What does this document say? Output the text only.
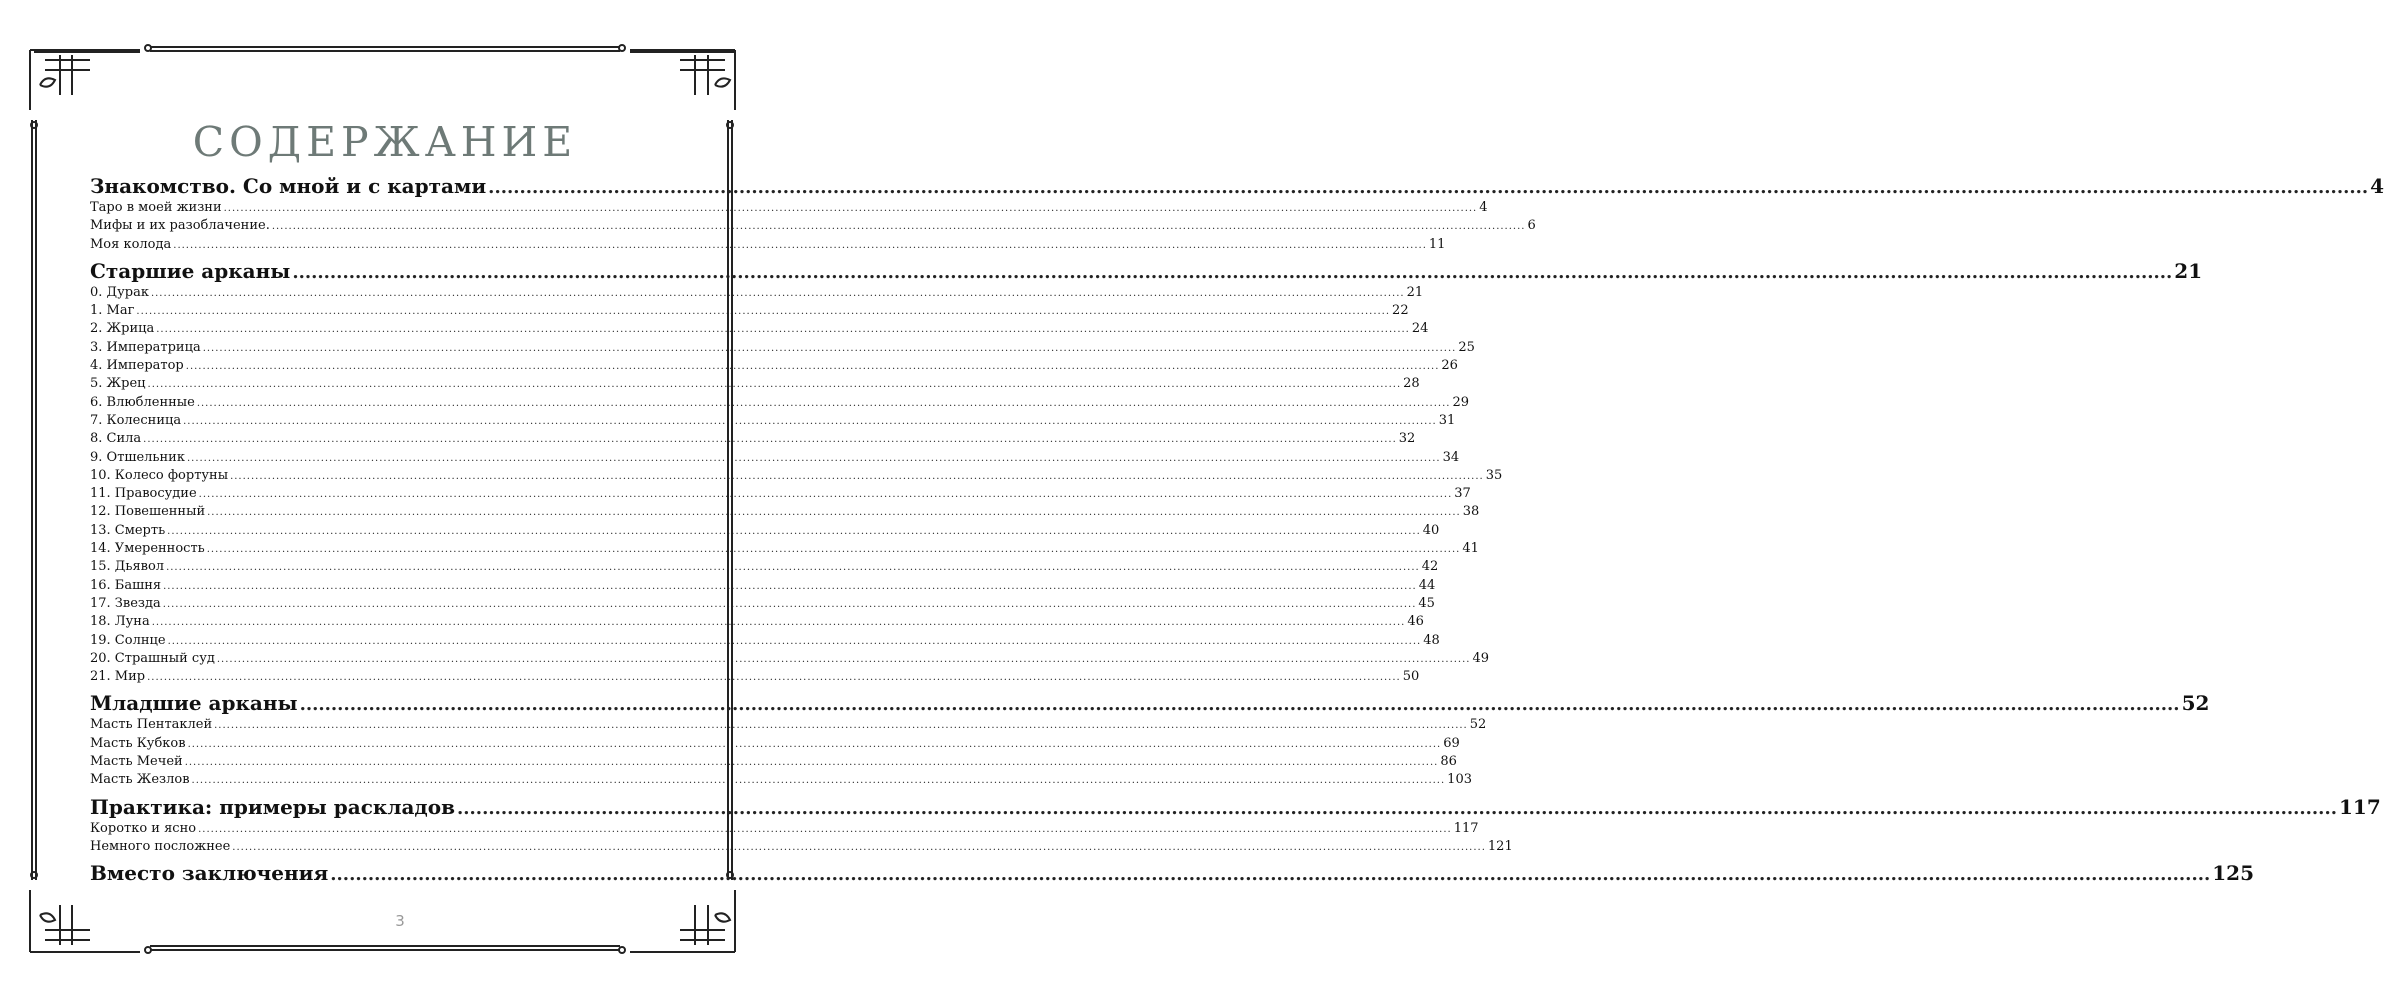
СОДЕРЖАНИЕ
Знакомство. Со мной и с картами ............................................................................................................................................................................................................................................................................................................ 4
Таро в моей жизни ............................................................................................................................................................................................................................................................................................................ 4
Мифы и их разоблачение. ............................................................................................................................................................................................................................................................................................................ 6
Моя колода ............................................................................................................................................................................................................................................................................................................ 11
Старшие арканы ............................................................................................................................................................................................................................................................................................................ 21
0. Дурак ............................................................................................................................................................................................................................................................................................................ 21
1. Маг ............................................................................................................................................................................................................................................................................................................ 22
2. Жрица ............................................................................................................................................................................................................................................................................................................ 24
3. Императрица ............................................................................................................................................................................................................................................................................................................ 25
4. Император ............................................................................................................................................................................................................................................................................................................ 26
5. Жрец ............................................................................................................................................................................................................................................................................................................ 28
6. Влюбленные ............................................................................................................................................................................................................................................................................................................ 29
7. Колесница ............................................................................................................................................................................................................................................................................................................ 31
8. Сила ............................................................................................................................................................................................................................................................................................................ 32
9. Отшельник ............................................................................................................................................................................................................................................................................................................ 34
10. Колесо фортуны ............................................................................................................................................................................................................................................................................................................ 35
11. Правосудие ............................................................................................................................................................................................................................................................................................................ 37
12. Повешенный ............................................................................................................................................................................................................................................................................................................ 38
13. Смерть ............................................................................................................................................................................................................................................................................................................ 40
14. Умеренность ............................................................................................................................................................................................................................................................................................................ 41
15. Дьявол ............................................................................................................................................................................................................................................................................................................ 42
16. Башня ............................................................................................................................................................................................................................................................................................................ 44
17. Звезда ............................................................................................................................................................................................................................................................................................................ 45
18. Луна ............................................................................................................................................................................................................................................................................................................ 46
19. Солнце ............................................................................................................................................................................................................................................................................................................ 48
20. Страшный суд ............................................................................................................................................................................................................................................................................................................ 49
21. Мир ............................................................................................................................................................................................................................................................................................................ 50
Младшие арканы ............................................................................................................................................................................................................................................................................................................ 52
Масть Пентаклей ............................................................................................................................................................................................................................................................................................................ 52
Масть Кубков ............................................................................................................................................................................................................................................................................................................ 69
Масть Мечей ............................................................................................................................................................................................................................................................................................................ 86
Масть Жезлов ............................................................................................................................................................................................................................................................................................................ 103
Практика: примеры раскладов ............................................................................................................................................................................................................................................................................................................ 117
Коротко и ясно ............................................................................................................................................................................................................................................................................................................ 117
Немного посложнее ............................................................................................................................................................................................................................................................................................................ 121
Вместо заключения ............................................................................................................................................................................................................................................................................................................ 125
3
